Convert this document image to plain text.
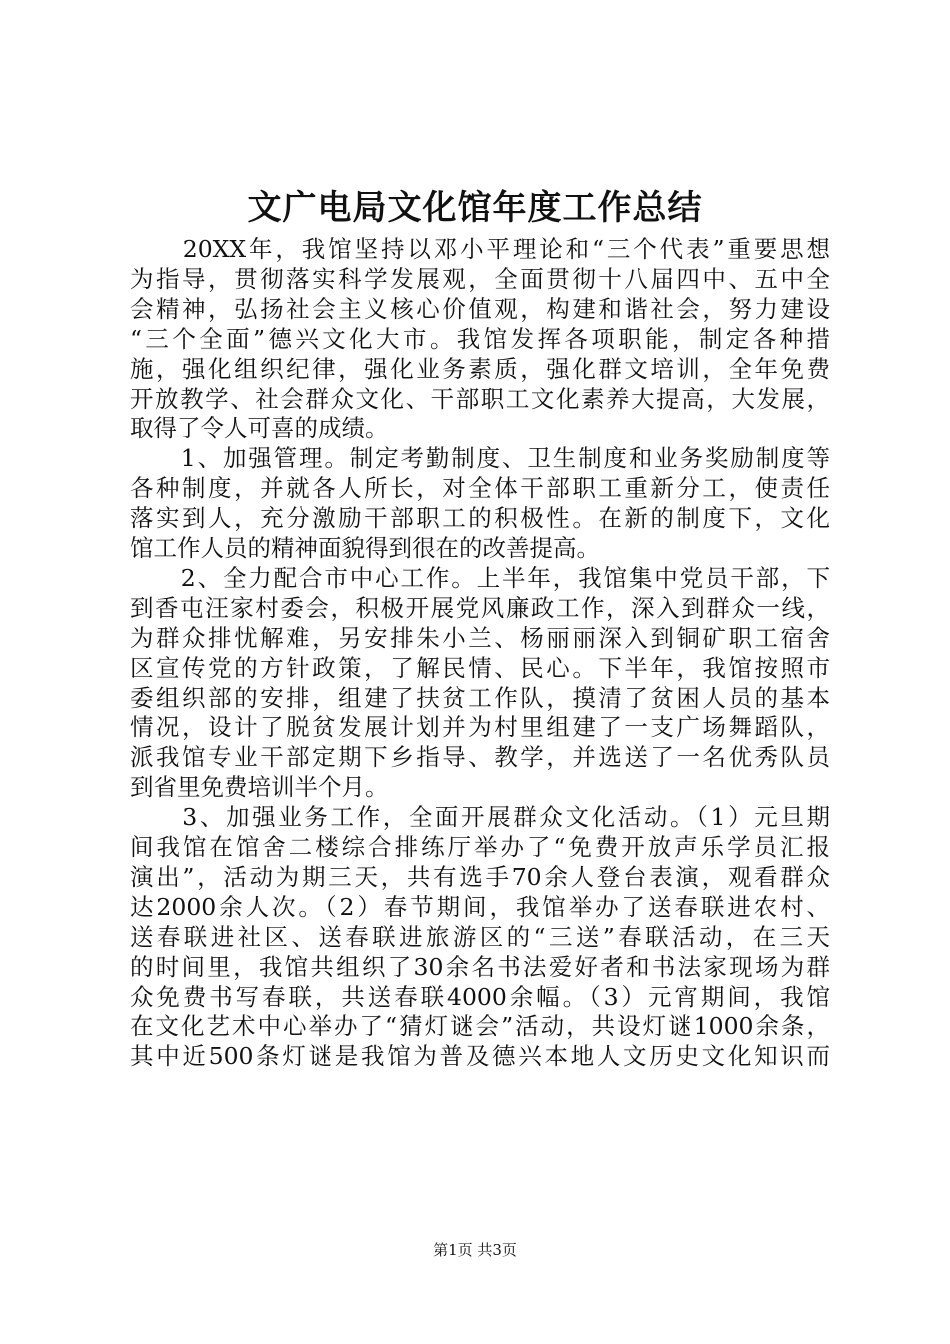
文广电局文化馆年度工作总结
　　20XX年，我馆坚持以邓小平理论和“三个代表”重要思想
为指导，贯彻落实科学发展观，全面贯彻十八届四中、五中全
会精神，弘扬社会主义核心价值观，构建和谐社会，努力建设
“三个全面”德兴文化大市。我馆发挥各项职能，制定各种措
施，强化组织纪律，强化业务素质，强化群文培训，全年免费
开放教学、社会群众文化、干部职工文化素养大提高，大发展，
取得了令人可喜的成绩。
　　1、加强管理。制定考勤制度、卫生制度和业务奖励制度等
各种制度，并就各人所长，对全体干部职工重新分工，使责任
落实到人，充分激励干部职工的积极性。在新的制度下，文化
馆工作人员的精神面貌得到很在的改善提高。
　　2、全力配合市中心工作。上半年，我馆集中党员干部，下
到香屯汪家村委会，积极开展党风廉政工作，深入到群众一线，
为群众排忧解难，另安排朱小兰、杨丽丽深入到铜矿职工宿舍
区宣传党的方针政策，了解民情、民心。下半年，我馆按照市
委组织部的安排，组建了扶贫工作队，摸清了贫困人员的基本
情况，设计了脱贫发展计划并为村里组建了一支广场舞蹈队，
派我馆专业干部定期下乡指导、教学，并选送了一名优秀队员
到省里免费培训半个月。
　　3、加强业务工作，全面开展群众文化活动。（1）元旦期
间我馆在馆舍二楼综合排练厅举办了“免费开放声乐学员汇报
演出”，活动为期三天，共有选手70余人登台表演，观看群众
达2000余人次。（2）春节期间，我馆举办了送春联进农村、
送春联进社区、送春联进旅游区的“三送”春联活动，在三天
的时间里，我馆共组织了30余名书法爱好者和书法家现场为群
众免费书写春联，共送春联4000余幅。（3）元宵期间，我馆
在文化艺术中心举办了“猜灯谜会”活动，共设灯谜1000余条，
其中近500条灯谜是我馆为普及德兴本地人文历史文化知识而
第1页 共3页
